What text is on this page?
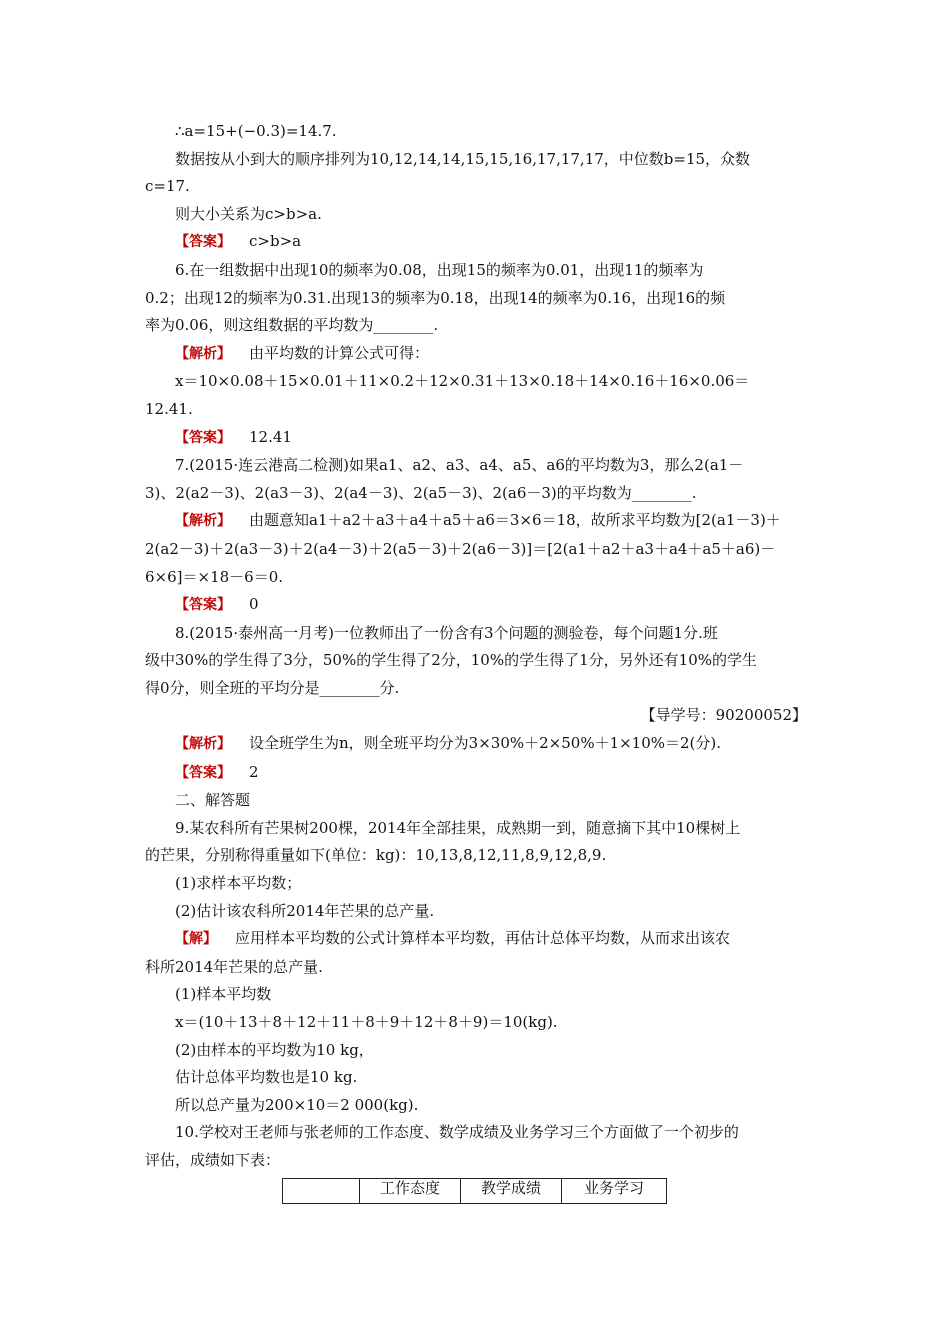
∴a=15+(−0.3)=14.7.

数据按从小到大的顺序排列为10,12,14,14,15,15,16,17,17,17，中位数b=15，众数

c=17.

则大小关系为c>b>a.

【答案】 c>b>a

6.在一组数据中出现10的频率为0.08，出现15的频率为0.01，出现11的频率为

0.2；出现12的频率为0.31.出现13的频率为0.18，出现14的频率为0.16，出现16的频

率为0.06，则这组数据的平均数为________.

【解析】 由平均数的计算公式可得：

x＝10×0.08＋15×0.01＋11×0.2＋12×0.31＋13×0.18＋14×0.16＋16×0.06＝

12.41.

【答案】 12.41

7.(2015·连云港高二检测)如果a1、a2、a3、a4、a5、a6的平均数为3，那么2(a1－

3)、2(a2－3)、2(a3－3)、2(a4－3)、2(a5－3)、2(a6－3)的平均数为________.

【解析】 由题意知a1＋a2＋a3＋a4＋a5＋a6＝3×6＝18，故所求平均数为[2(a1－3)＋

2(a2－3)＋2(a3－3)＋2(a4－3)＋2(a5－3)＋2(a6－3)]＝[2(a1＋a2＋a3＋a4＋a5＋a6)－

6×6]＝×18－6＝0.

【答案】 0

8.(2015·泰州高一月考)一位教师出了一份含有3个问题的测验卷，每个问题1分.班

级中30%的学生得了3分，50%的学生得了2分，10%的学生得了1分，另外还有10%的学生

得0分，则全班的平均分是________分.

【导学号：90200052】

【解析】 设全班学生为n，则全班平均分为3×30%＋2×50%＋1×10%＝2(分).

【答案】 2

二、解答题

9.某农科所有芒果树200棵，2014年全部挂果，成熟期一到，随意摘下其中10棵树上

的芒果，分别称得重量如下(单位：kg)：10,13,8,12,11,8,9,12,8,9.

(1)求样本平均数；

(2)估计该农科所2014年芒果的总产量.

【解】 应用样本平均数的公式计算样本平均数，再估计总体平均数，从而求出该农

科所2014年芒果的总产量.

(1)样本平均数

x＝(10＋13＋8＋12＋11＋8＋9＋12＋8＋9)＝10(kg).

(2)由样本的平均数为10 kg，

估计总体平均数也是10 kg.

所以总产量为200×10＝2 000(kg).

10.学校对王老师与张老师的工作态度、数学成绩及业务学习三个方面做了一个初步的

评估，成绩如下表：

	工作态度	教学成绩	业务学习
